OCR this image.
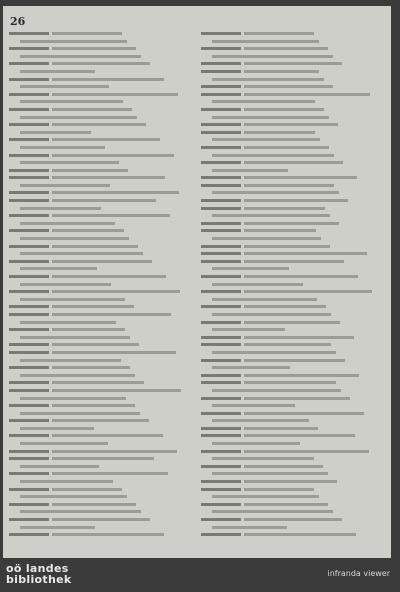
26
oö landes
bibliothek	infranda viewer
